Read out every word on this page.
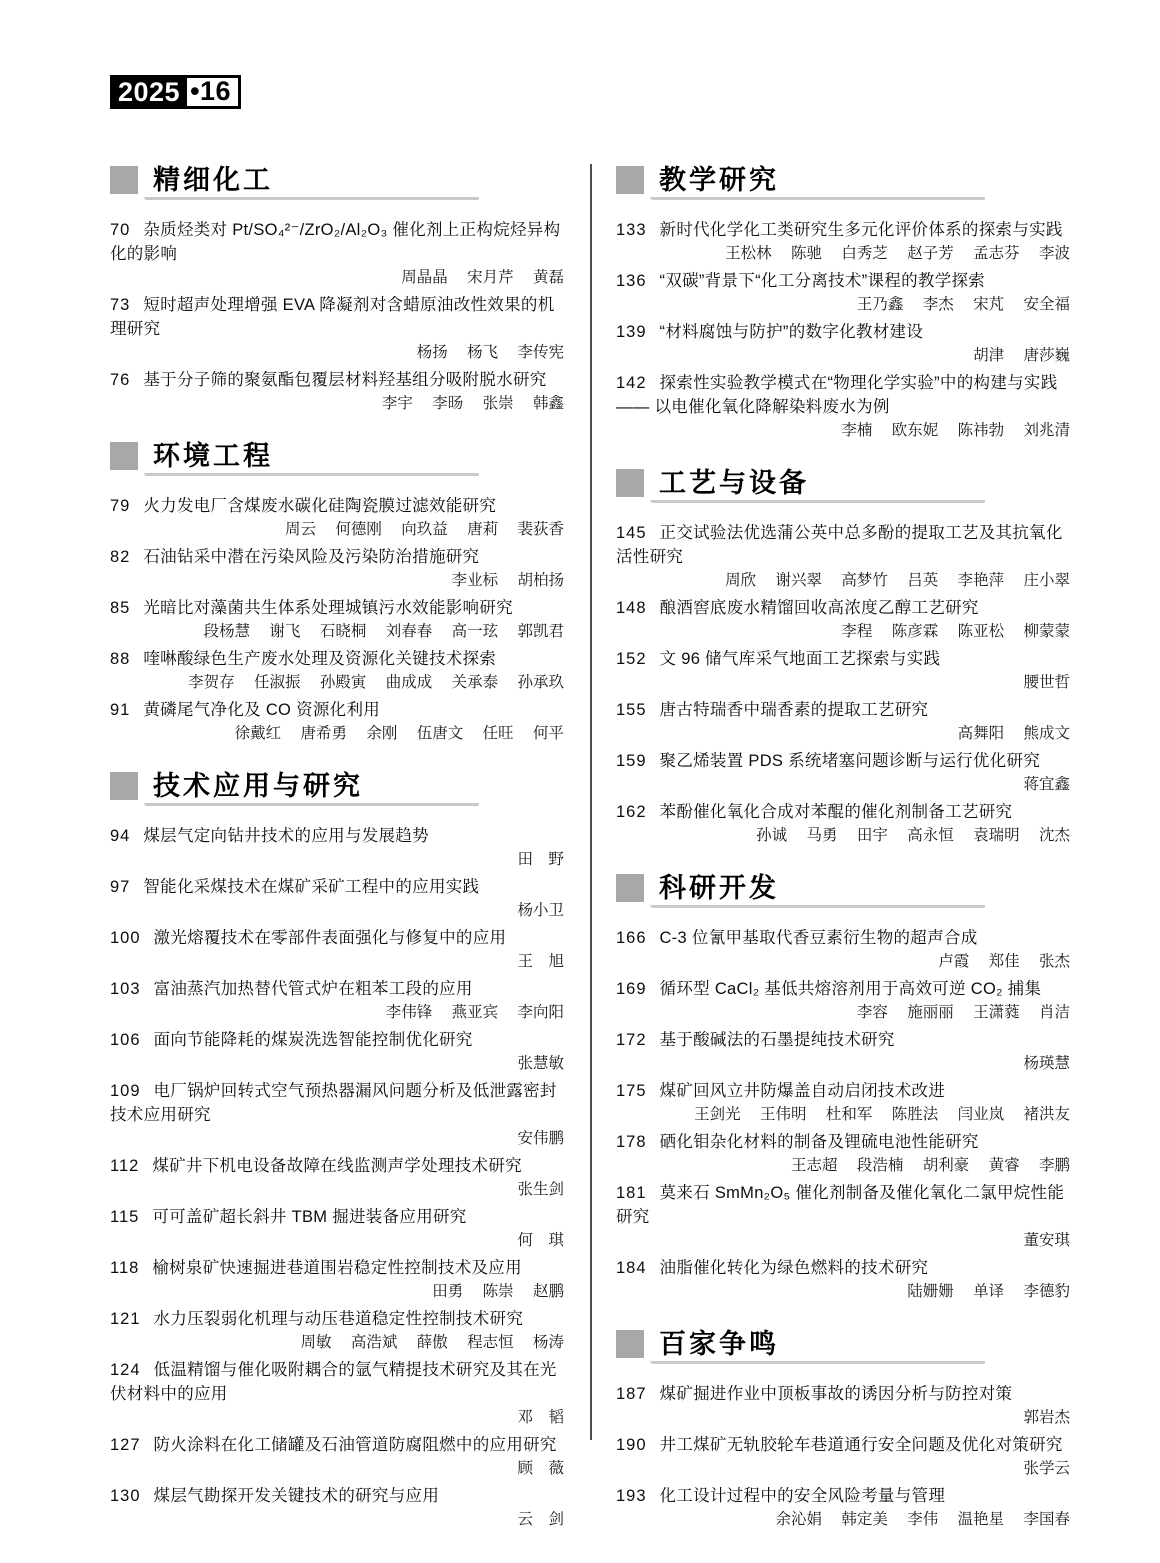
2025 •16
精细化工

70 杂质烃类对 Pt/SO₄²⁻/ZrO₂/Al₂O₃ 催化剂上正构烷烃异构化的影响

周晶晶　 宋月芹　 黄磊

73 短时超声处理增强 EVA 降凝剂对含蜡原油改性效果的机理研究

杨扬　 杨飞　 李传宪

76 基于分子筛的聚氨酯包覆层材料羟基组分吸附脱水研究

李宇　 李旸　 张崇　 韩鑫

环境工程

79 火力发电厂含煤废水碳化硅陶瓷膜过滤效能研究

周云　 何德刚　 向玖益　 唐莉　 裴荻香

82 石油钻采中潜在污染风险及污染防治措施研究

李业标　 胡柏扬

85 光暗比对藻菌共生体系处理城镇污水效能影响研究

段杨慧　 谢飞　 石晓桐　 刘春春　 高一玹　 郭凯君

88 喹啉酸绿色生产废水处理及资源化关键技术探索

李贺存　 任淑振　 孙殿寅　 曲成成　 关承泰　 孙承玖

91 黄磷尾气净化及 CO 资源化利用

徐戴红　 唐希勇　 余刚　 伍唐文　 任旺　 何平

技术应用与研究

94 煤层气定向钻井技术的应用与发展趋势

田　野

97 智能化采煤技术在煤矿采矿工程中的应用实践

杨小卫

100 激光熔覆技术在零部件表面强化与修复中的应用

王　旭

103 富油蒸汽加热替代管式炉在粗苯工段的应用

李伟锋　 燕亚宾　 李向阳

106 面向节能降耗的煤炭洗选智能控制优化研究

张慧敏

109 电厂锅炉回转式空气预热器漏风问题分析及低泄露密封技术应用研究

安伟鹏

112 煤矿井下机电设备故障在线监测声学处理技术研究

张生剑

115 可可盖矿超长斜井 TBM 掘进装备应用研究

何　琪

118 榆树泉矿快速掘进巷道围岩稳定性控制技术及应用

田勇　 陈崇　 赵鹏

121 水力压裂弱化机理与动压巷道稳定性控制技术研究

周敏　 高浩斌　 薛傲　 程志恒　 杨涛

124 低温精馏与催化吸附耦合的氩气精提技术研究及其在光伏材料中的应用

邓　韬

127 防火涂料在化工储罐及石油管道防腐阻燃中的应用研究

顾　薇

130 煤层气勘探开发关键技术的研究与应用

云　剑

教学研究

133 新时代化学化工类研究生多元化评价体系的探索与实践

王松林　 陈驰　 白秀芝　 赵子芳　 孟志芬　 李波

136 “双碳”背景下“化工分离技术”课程的教学探索

王乃鑫　 李杰　 宋芃　 安全福

139 “材料腐蚀与防护”的数字化教材建设

胡津　 唐莎巍

142 探索性实验教学模式在“物理化学实验”中的构建与实践 —— 以电催化氧化降解染料废水为例

李楠　 欧东妮　 陈祎勃　 刘兆清

工艺与设备

145 正交试验法优选蒲公英中总多酚的提取工艺及其抗氧化活性研究

周欣　 谢兴翠　 高梦竹　 吕英　 李艳萍　 庄小翠

148 酿酒窖底废水精馏回收高浓度乙醇工艺研究

李程　 陈彦霖　 陈亚松　 柳蒙蒙

152 文 96 储气库采气地面工艺探索与实践

腰世哲

155 唐古特瑞香中瑞香素的提取工艺研究

高舞阳　 熊成文

159 聚乙烯装置 PDS 系统堵塞问题诊断与运行优化研究

蒋宜鑫

162 苯酚催化氧化合成对苯醌的催化剂制备工艺研究

孙诚　 马勇　 田宇　 高永恒　 袁瑞明　 沈杰

科研开发

166 C-3 位氰甲基取代香豆素衍生物的超声合成

卢霞　 郑佳　 张杰

169 循环型 CaCl₂ 基低共熔溶剂用于高效可逆 CO₂ 捕集

李容　 施丽丽　 王潇蕤　 肖洁

172 基于酸碱法的石墨提纯技术研究

杨瑛慧

175 煤矿回风立井防爆盖自动启闭技术改进

王剑光　 王伟明　 杜和军　 陈胜法　 闫业岚　 褚洪友

178 硒化钼杂化材料的制备及锂硫电池性能研究

王志超　 段浩楠　 胡利豪　 黄睿　 李鹏

181 莫来石 SmMn₂O₅ 催化剂制备及催化氧化二氯甲烷性能研究

董安琪

184 油脂催化转化为绿色燃料的技术研究

陆姗姗　 单译　 李德豹

百家争鸣

187 煤矿掘进作业中顶板事故的诱因分析与防控对策

郭岩杰

190 井工煤矿无轨胶轮车巷道通行安全问题及优化对策研究

张学云

193 化工设计过程中的安全风险考量与管理

余沁娟　 韩定美　 李伟　 温艳星　 李国春
